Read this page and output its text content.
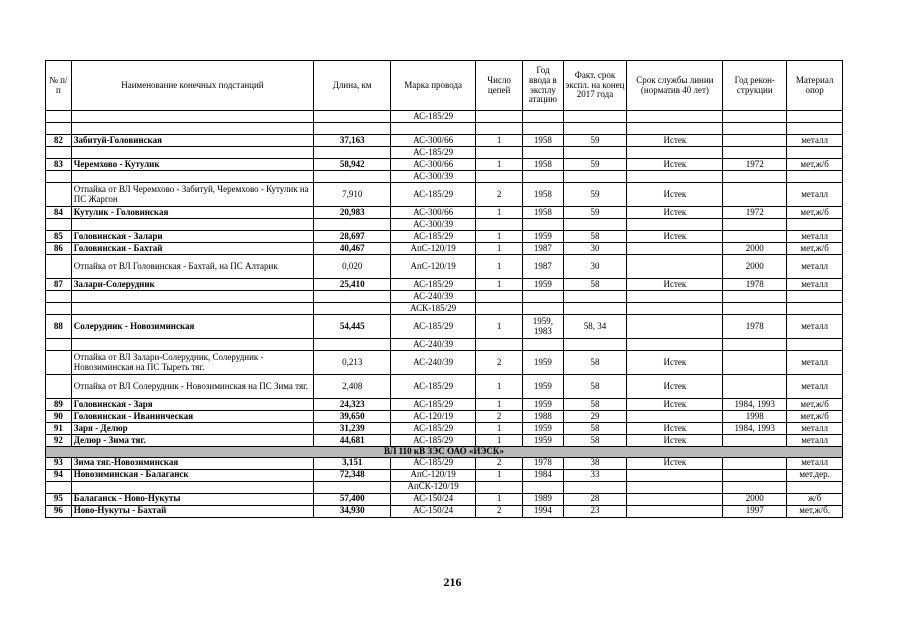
№ п/п	Наименование конечных подстанций	Длина, км	Марка провода	Число цепей	Год ввода в эксплу атацию	Факт. срок экспл. на конец 2017 года	Срок службы линии (норматив 40 лет)	Год рекон-струкции	Материал опор
			АС-185/29						

82	Забитуй-Головинская	37,163	АС-300/66	1	1958	59	Истек		металл
			АС-185/29						
83	Черемхово - Кутулик	58,942	АС-300/66	1	1958	59	Истек	1972	мет,ж/б
			АС-300/39						
	Отпайка от ВЛ Черемхово - Забитуй, Черемхово - Кутулик на ПС Жаргон	7,910	АС-185/29	2	1958	59	Истек		металл
84	Кутулик - Головинская	20,983	АС-300/66	1	1958	59	Истек	1972	мет,ж/б
			АС-300/39						
85	Головинская - Залари	28,697	АС-185/29	1	1959	58	Истек		металл
86	Головинская - Бахтай	40,467	АпС-120/19	1	1987	30		2000	мет,ж/б
	Отпайка от ВЛ Головинская - Бахтай, на ПС Алтарик	0,020	АпС-120/19	1	1987	30		2000	металл
87	Залари-Солерудник	25,410	АС-185/29	1	1959	58	Истек	1978	металл
			АС-240/39						
			АСК-185/29						
88	Солерудник - Новозиминская	54,445	АС-185/29	1	1959, 1983	58, 34		1978	металл
			АС-240/39						
	Отпайка от ВЛ Залари-Солерудник, Солерудник - Новозиминская на ПС Тыреть тяг.	0,213	АС-240/39	2	1959	58	Истек		металл
	Отпайка от ВЛ Солерудник - Новозиминская на ПС Зима тяг.	2,408	АС-185/29	1	1959	58	Истек		металл
89	Головинская - Заря	24,323	АС-185/29	1	1959	58	Истек	1984, 1993	мет,ж/б
90	Головинская - Иванинческая	39,650	АС-120/19	2	1988	29		1998	мет,ж/б
91	Заря - Делюр	31,239	АС-185/29	1	1959	58	Истек	1984, 1993	металл
92	Делюр - Зима тяг.	44,681	АС-185/29	1	1959	58	Истек		металл
ВЛ 110 кВ ЗЭС ОАО «ИЭСК»									
93	Зима тяг.-Новозиминская	3,151	АС-185/29	2	1978	38	Истек		металл
94	Новозиминская - Балаганск	72,348	АпС-120/19	1	1984	33			мет.дер.
			АпСК-120/19						
95	Балаганск - Ново-Нукуты	57,400	АС-150/24	1	1989	28		2000	ж/б
96	Ново-Нукуты - Бахтай	34,930	АС-150/24	2	1994	23		1997	мет,ж/б.
216
